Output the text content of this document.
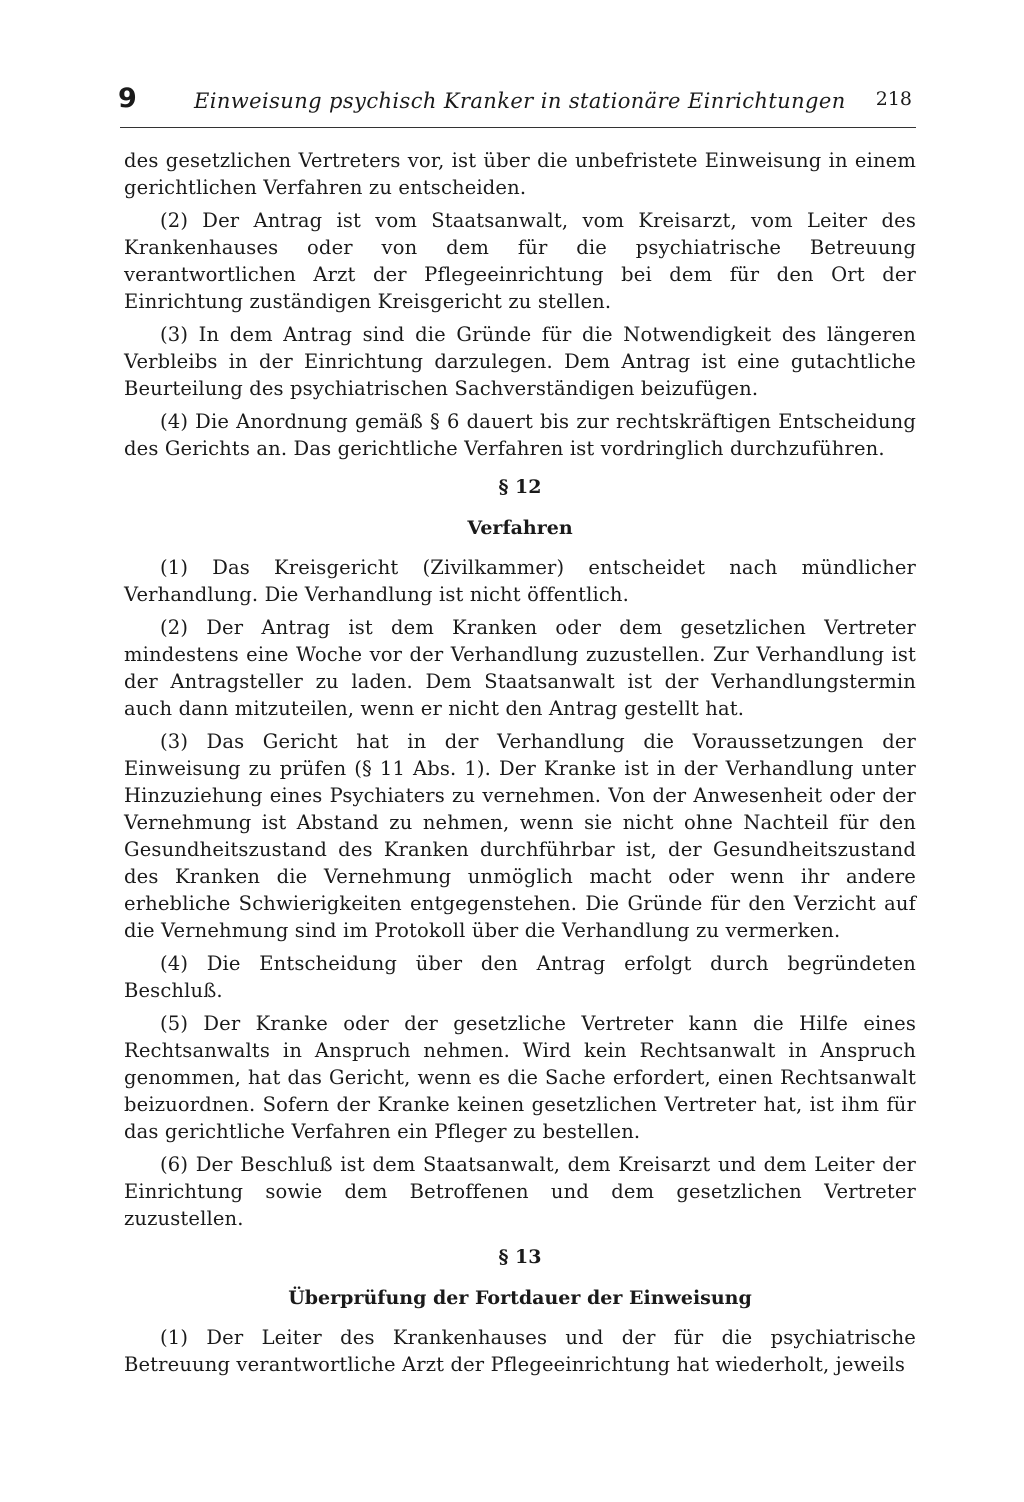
9	Einweisung psychisch Kranker in stationäre Einrichtungen 218

des gesetzlichen Vertreters vor, ist über die unbefristete Einweisung in einem gerichtlichen Verfahren zu entscheiden.

(2) Der Antrag ist vom Staatsanwalt, vom Kreisarzt, vom Leiter des Krankenhauses oder von dem für die psychiatrische Betreuung verantwortlichen Arzt der Pflegeeinrichtung bei dem für den Ort der Einrichtung zuständigen Kreisgericht zu stellen.

(3) In dem Antrag sind die Gründe für die Notwendigkeit des längeren Verbleibs in der Einrichtung darzulegen. Dem Antrag ist eine gutachtliche Beurteilung des psychiatrischen Sachverständigen beizufügen.

(4) Die Anordnung gemäß § 6 dauert bis zur rechtskräftigen Entscheidung des Gerichts an. Das gerichtliche Verfahren ist vordringlich durchzuführen.

§ 12
Verfahren

(1) Das Kreisgericht (Zivilkammer) entscheidet nach mündlicher Verhandlung. Die Verhandlung ist nicht öffentlich.

(2) Der Antrag ist dem Kranken oder dem gesetzlichen Vertreter mindestens eine Woche vor der Verhandlung zuzustellen. Zur Verhandlung ist der Antragsteller zu laden. Dem Staatsanwalt ist der Verhandlungstermin auch dann mitzuteilen, wenn er nicht den Antrag gestellt hat.

(3) Das Gericht hat in der Verhandlung die Voraussetzungen der Einweisung zu prüfen (§ 11 Abs. 1). Der Kranke ist in der Verhandlung unter Hinzuziehung eines Psychiaters zu vernehmen. Von der Anwesenheit oder der Vernehmung ist Abstand zu nehmen, wenn sie nicht ohne Nachteil für den Gesundheitszustand des Kranken durchführbar ist, der Gesundheitszustand des Kranken die Vernehmung unmöglich macht oder wenn ihr andere erhebliche Schwierigkeiten entgegenstehen. Die Gründe für den Verzicht auf die Vernehmung sind im Protokoll über die Verhandlung zu vermerken.

(4) Die Entscheidung über den Antrag erfolgt durch begründeten Beschluß.

(5) Der Kranke oder der gesetzliche Vertreter kann die Hilfe eines Rechtsanwalts in Anspruch nehmen. Wird kein Rechtsanwalt in Anspruch genommen, hat das Gericht, wenn es die Sache erfordert, einen Rechtsanwalt beizuordnen. Sofern der Kranke keinen gesetzlichen Vertreter hat, ist ihm für das gerichtliche Verfahren ein Pfleger zu bestellen.

(6) Der Beschluß ist dem Staatsanwalt, dem Kreisarzt und dem Leiter der Einrichtung sowie dem Betroffenen und dem gesetzlichen Vertreter zuzustellen.

§ 13
Überprüfung der Fortdauer der Einweisung

(1) Der Leiter des Krankenhauses und der für die psychiatrische Betreuung verantwortliche Arzt der Pflegeeinrichtung hat wiederholt, jeweils
